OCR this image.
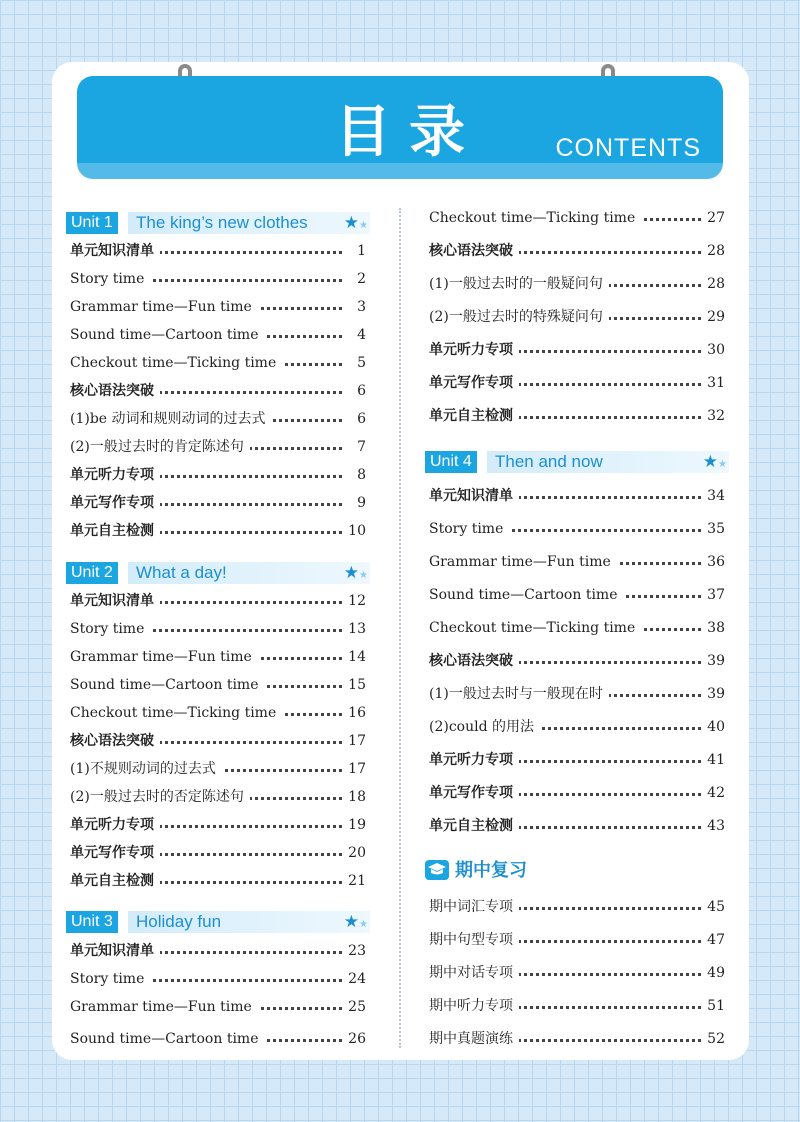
目录	CONTENTS
Unit 1 The king’s new clothes ★★
单元知识清单	1
Story time	2
Grammar time—Fun time	3
Sound time—Cartoon time	4
Checkout time—Ticking time	5
核心语法突破	6
(1)be 动词和规则动词的过去式	6
(2)一般过去时的肯定陈述句	7
单元听力专项	8
单元写作专项	9
单元自主检测	10
Unit 2 What a day!	★★
单元知识清单	12
Story time	13
Grammar time—Fun time	14
Sound time—Cartoon time	15
Checkout time—Ticking time	16
核心语法突破	17
(1)不规则动词的过去式	17
(2)一般过去时的否定陈述句	18
单元听力专项	19
单元写作专项	20
单元自主检测	21
Unit 3 Holiday fun	★★
单元知识清单	23
Story time	24
Grammar time—Fun time	25
Sound time—Cartoon time	26
Checkout time—Ticking time	27
核心语法突破	28
(1)一般过去时的一般疑问句	28
(2)一般过去时的特殊疑问句	29
单元听力专项	30
单元写作专项	31
单元自主检测	32
Unit 4 Then and now	★★
单元知识清单	34
Story time	35
Grammar time—Fun time	36
Sound time—Cartoon time	37
Checkout time—Ticking time	38
核心语法突破	39
(1)一般过去时与一般现在时	39
(2)could 的用法	40
单元听力专项	41
单元写作专项	42
单元自主检测	43
期中复习
期中词汇专项	45
期中句型专项	47
期中对话专项	49
期中听力专项	51
期中真题演练	52
